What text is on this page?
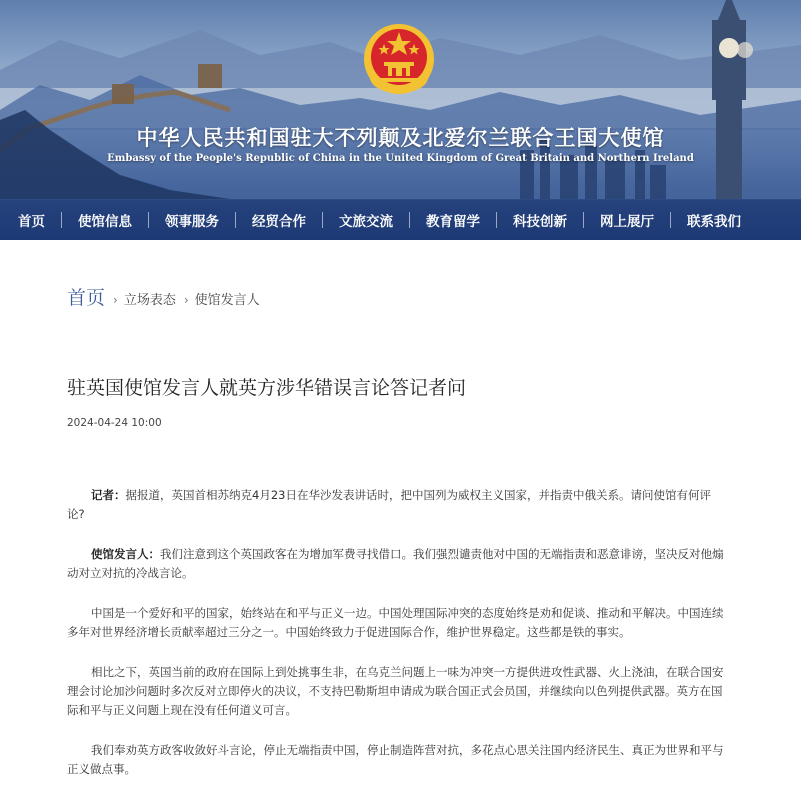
中华人民共和国驻大不列颠及北爱尔兰联合王国大使馆
Embassy of the People's Republic of China in the United Kingdom of Great Britain and Northern Ireland
首页	使馆信息	领事服务	经贸合作	文旅交流	教育留学	科技创新	网上展厅	联系我们
首页 › 立场表态 › 使馆发言人
驻英国使馆发言人就英方涉华错误言论答记者问
2024-04-24 10:00

记者：据报道，英国首相苏纳克4月23日在华沙发表讲话时，把中国列为威权主义国家，并指责中俄关系。请问使馆有何评论?

使馆发言人：我们注意到这个英国政客在为增加军费寻找借口。我们强烈谴责他对中国的无端指责和恶意诽谤，坚决反对他煽动对立对抗的冷战言论。

中国是一个爱好和平的国家，始终站在和平与正义一边。中国处理国际冲突的态度始终是劝和促谈、推动和平解决。中国连续多年对世界经济增长贡献率超过三分之一。中国始终致力于促进国际合作，维护世界稳定。这些都是铁的事实。

相比之下，英国当前的政府在国际上到处挑事生非，在乌克兰问题上一味为冲突一方提供进攻性武器、火上浇油，在联合国安理会讨论加沙问题时多次反对立即停火的决议，不支持巴勒斯坦申请成为联合国正式会员国，并继续向以色列提供武器。英方在国际和平与正义问题上现在没有任何道义可言。

我们奉劝英方政客收敛好斗言论，停止无端指责中国，停止制造阵营对抗，多花点心思关注国内经济民生、真正为世界和平与正义做点事。
